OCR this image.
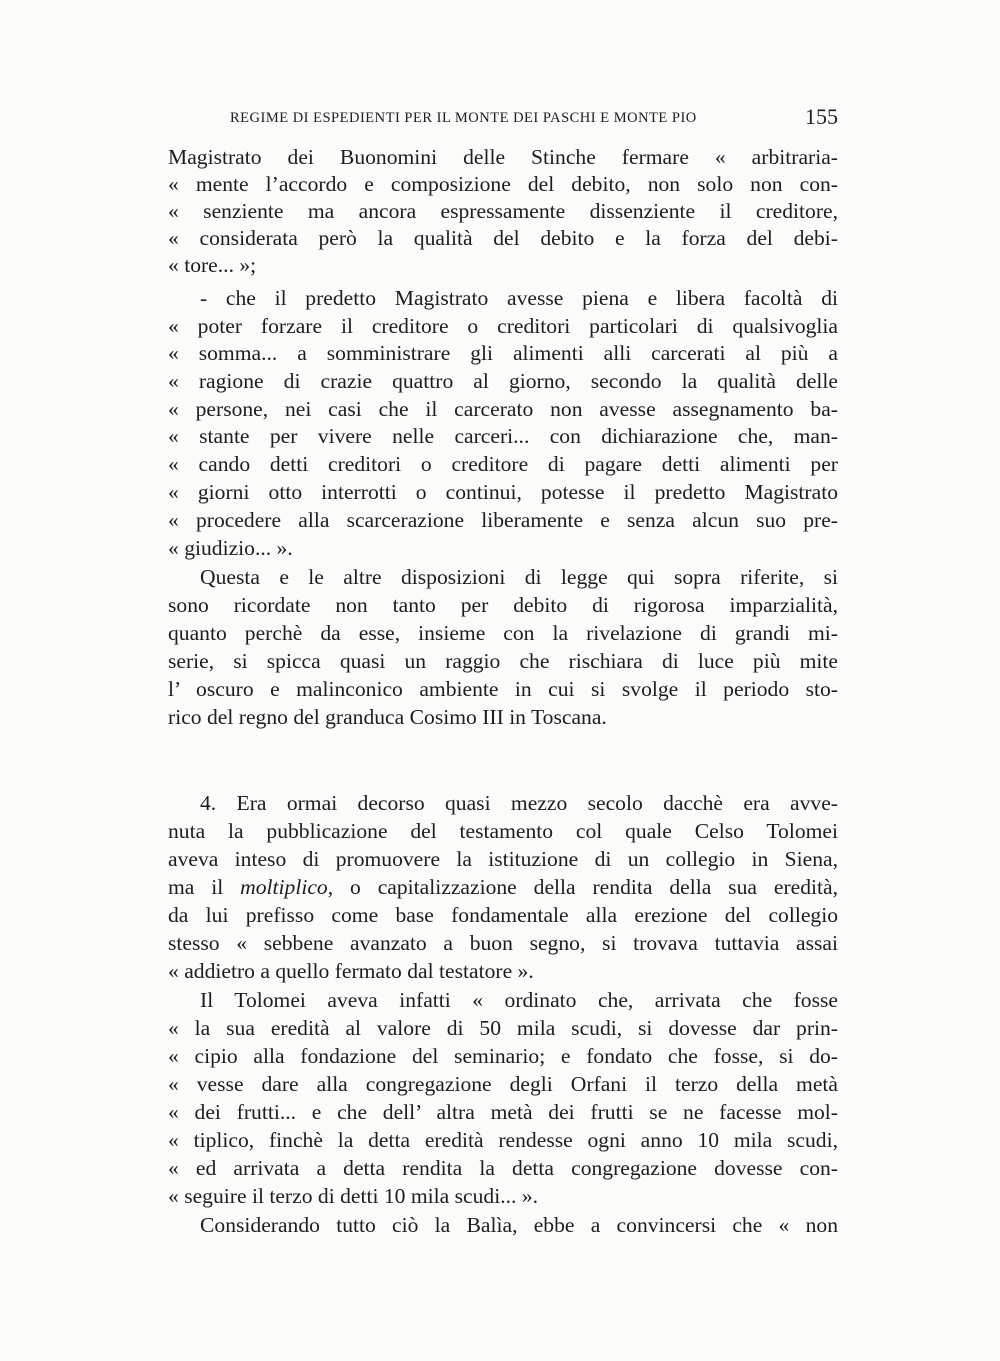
REGIME DI ESPEDIENTI PER IL MONTE DEI PASCHI E MONTE PIO	155
Magistrato dei Buonomini delle Stinche fermare « arbitraria-
« mente l’accordo e composizione del debito, non solo non con-
« senziente ma ancora espressamente dissenziente il creditore,
« considerata però la qualità del debito e la forza del debi-
« tore... »;
- che il predetto Magistrato avesse piena e libera facoltà di
« poter forzare il creditore o creditori particolari di qualsivoglia
« somma... a somministrare gli alimenti alli carcerati al più a
« ragione di crazie quattro al giorno, secondo la qualità delle
« persone, nei casi che il carcerato non avesse assegnamento ba-
« stante per vivere nelle carceri... con dichiarazione che, man-
« cando detti creditori o creditore di pagare detti alimenti per
« giorni otto interrotti o continui, potesse il predetto Magistrato
« procedere alla scarcerazione liberamente e senza alcun suo pre-
« giudizio... ».
Questa e le altre disposizioni di legge qui sopra riferite, si
sono ricordate non tanto per debito di rigorosa imparzialità,
quanto perchè da esse, insieme con la rivelazione di grandi mi-
serie, si spicca quasi un raggio che rischiara di luce più mite
l’ oscuro e malinconico ambiente in cui si svolge il periodo sto-
rico del regno del granduca Cosimo III in Toscana.
4. Era ormai decorso quasi mezzo secolo dacchè era avve-
nuta la pubblicazione del testamento col quale Celso Tolomei
aveva inteso di promuovere la istituzione di un collegio in Siena,
ma il moltiplico, o capitalizzazione della rendita della sua eredità,
da lui prefisso come base fondamentale alla erezione del collegio
stesso « sebbene avanzato a buon segno, si trovava tuttavia assai
« addietro a quello fermato dal testatore ».
Il Tolomei aveva infatti « ordinato che, arrivata che fosse
« la sua eredità al valore di 50 mila scudi, si dovesse dar prin-
« cipio alla fondazione del seminario; e fondato che fosse, si do-
« vesse dare alla congregazione degli Orfani il terzo della metà
« dei frutti... e che dell’ altra metà dei frutti se ne facesse mol-
« tiplico, finchè la detta eredità rendesse ogni anno 10 mila scudi,
« ed arrivata a detta rendita la detta congregazione dovesse con-
« seguire il terzo di detti 10 mila scudi... ».
Considerando tutto ciò la Balìa, ebbe a convincersi che « non
